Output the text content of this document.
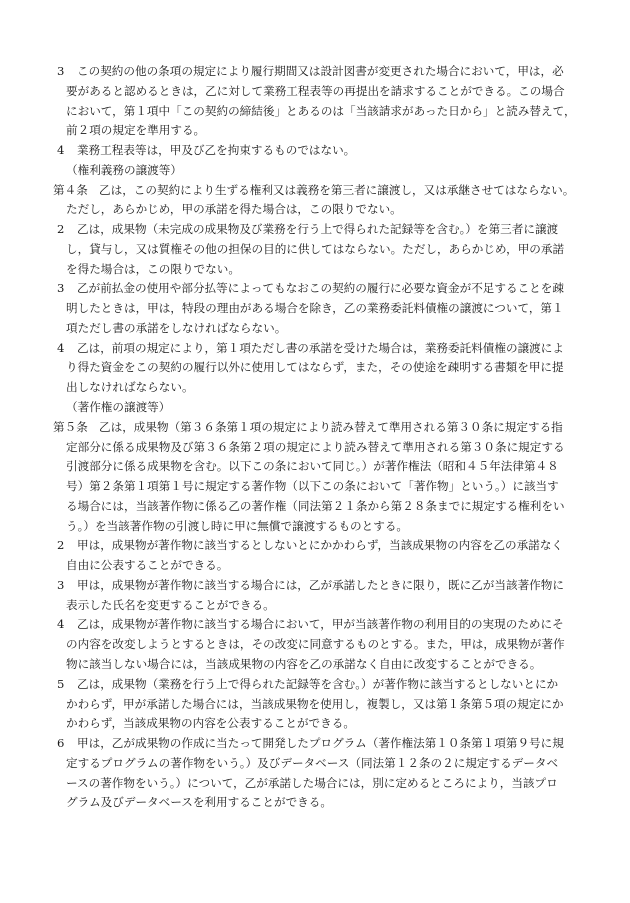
3 この契約の他の条項の規定により履行期間又は設計図書が変更された場合において，甲は，必
要があると認めるときは，乙に対して業務工程表等の再提出を請求することができる。この場合
において，第１項中「この契約の締結後」とあるのは「当該請求があった日から」と読み替えて，
前２項の規定を準用する。
4 業務工程表等は，甲及び乙を拘束するものではない。
（権利義務の譲渡等）
第４条 乙は，この契約により生ずる権利又は義務を第三者に譲渡し，又は承継させてはならない。
ただし，あらかじめ，甲の承諾を得た場合は，この限りでない。
2 乙は，成果物（未完成の成果物及び業務を行う上で得られた記録等を含む。）を第三者に譲渡
し，貸与し，又は質権その他の担保の目的に供してはならない。ただし，あらかじめ，甲の承諾
を得た場合は，この限りでない。
3 乙が前払金の使用や部分払等によってもなおこの契約の履行に必要な資金が不足することを疎
明したときは，甲は，特段の理由がある場合を除き，乙の業務委託料債権の譲渡について，第１
項ただし書の承諾をしなければならない。
4 乙は，前項の規定により，第１項ただし書の承諾を受けた場合は，業務委託料債権の譲渡によ
り得た資金をこの契約の履行以外に使用してはならず，また，その使途を疎明する書類を甲に提
出しなければならない。
（著作権の譲渡等）
第５条 乙は，成果物（第３６条第１項の規定により読み替えて準用される第３０条に規定する指
定部分に係る成果物及び第３６条第２項の規定により読み替えて準用される第３０条に規定する
引渡部分に係る成果物を含む。以下この条において同じ。）が著作権法（昭和４５年法律第４８
号）第２条第１項第１号に規定する著作物（以下この条において「著作物」という。）に該当す
る場合には，当該著作物に係る乙の著作権（同法第２１条から第２８条までに規定する権利をい
う。）を当該著作物の引渡し時に甲に無償で譲渡するものとする。
2 甲は，成果物が著作物に該当するとしないとにかかわらず，当該成果物の内容を乙の承諾なく
自由に公表することができる。
3 甲は，成果物が著作物に該当する場合には，乙が承諾したときに限り，既に乙が当該著作物に
表示した氏名を変更することができる。
4 乙は，成果物が著作物に該当する場合において，甲が当該著作物の利用目的の実現のためにそ
の内容を改変しようとするときは，その改変に同意するものとする。また，甲は，成果物が著作
物に該当しない場合には，当該成果物の内容を乙の承諾なく自由に改変することができる。
5 乙は，成果物（業務を行う上で得られた記録等を含む。）が著作物に該当するとしないとにか
かわらず，甲が承諾した場合には，当該成果物を使用し，複製し，又は第１条第５項の規定にか
かわらず，当該成果物の内容を公表することができる。
6 甲は，乙が成果物の作成に当たって開発したプログラム（著作権法第１０条第１項第９号に規
定するプログラムの著作物をいう。）及びデータベース（同法第１２条の２に規定するデータベ
ースの著作物をいう。）について，乙が承諾した場合には，別に定めるところにより，当該プロ
グラム及びデータベースを利用することができる。
